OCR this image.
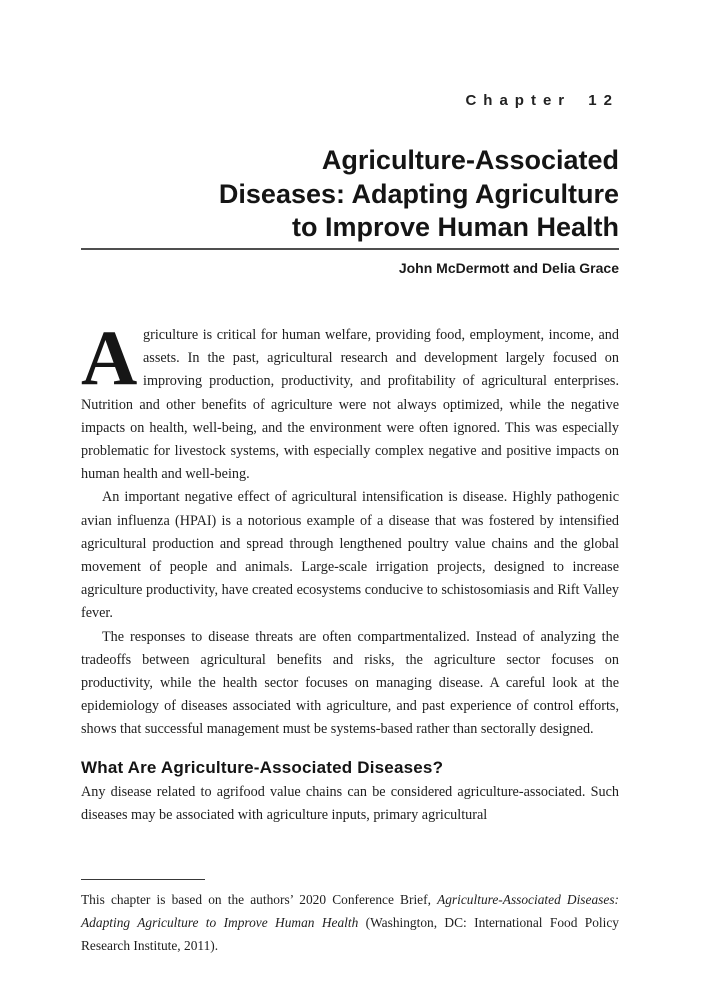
Chapter 12
Agriculture-Associated
Diseases: Adapting Agriculture
to Improve Human Health
John McDermott and Delia Grace

Agriculture is critical for human welfare, providing food, employment, income, and assets. In the past, agricultural research and development largely focused on improving production, productivity, and profitability of agricultural enterprises. Nutrition and other benefits of agriculture were not always optimized, while the negative impacts on health, well-being, and the environment were often ignored. This was especially problematic for livestock systems, with especially complex negative and positive impacts on human health and well-being.

An important negative effect of agricultural intensification is disease. Highly pathogenic avian influenza (HPAI) is a notorious example of a disease that was fostered by intensified agricultural production and spread through lengthened poultry value chains and the global movement of people and animals. Large-scale irrigation projects, designed to increase agriculture productivity, have created ecosystems conducive to schistosomiasis and Rift Valley fever.

The responses to disease threats are often compartmentalized. Instead of analyzing the tradeoffs between agricultural benefits and risks, the agriculture sector focuses on productivity, while the health sector focuses on managing disease. A careful look at the epidemiology of diseases associated with agriculture, and past experience of control efforts, shows that successful management must be systems-based rather than sectorally designed.

What Are Agriculture-Associated Diseases?

Any disease related to agrifood value chains can be considered agriculture-associated. Such diseases may be associated with agriculture inputs, primary agricultural

This chapter is based on the authors’ 2020 Conference Brief, Agriculture-Associated Diseases: Adapting Agriculture to Improve Human Health (Washington, DC: International Food Policy Research Institute, 2011).
